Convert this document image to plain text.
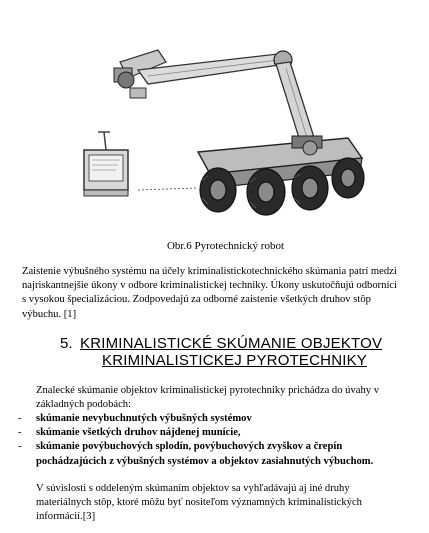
Obr.6 Pyrotechnický robot
Zaistenie výbušného systému na účely kriminalistickotechnického skúmania patrí medzi
najriskantnejšie úkony v odbore kriminalistickej techniky. Úkony uskutočňujú odborníci
s vysokou špecializáciou. Zodpovedajú za odborné zaistenie všetkých druhov stôp
výbuchu. [1]
5. KRIMINALISTICKÉ SKÚMANIE OBJEKTOV
KRIMINALISTICKEJ PYROTECHNIKY
Znalecké skúmanie objektov kriminalistickej pyrotechniky prichádza do úvahy v
základných podobách:
-	skúmanie nevybuchnutých výbušných systémov
-	skúmanie všetkých druhov nájdenej munície,
-	skúmanie povýbuchových splodín, povýbuchových zvyškov a črepín
pochádzajúcich z výbušných systémov a objektov zasiahnutých výbuchom.
V súvislosti s oddeleným skúmaním objektov sa vyhľadávajú aj iné druhy
materiálnych stôp, ktoré môžu byť nositeľom významných kriminalistických
informácií.[3]
